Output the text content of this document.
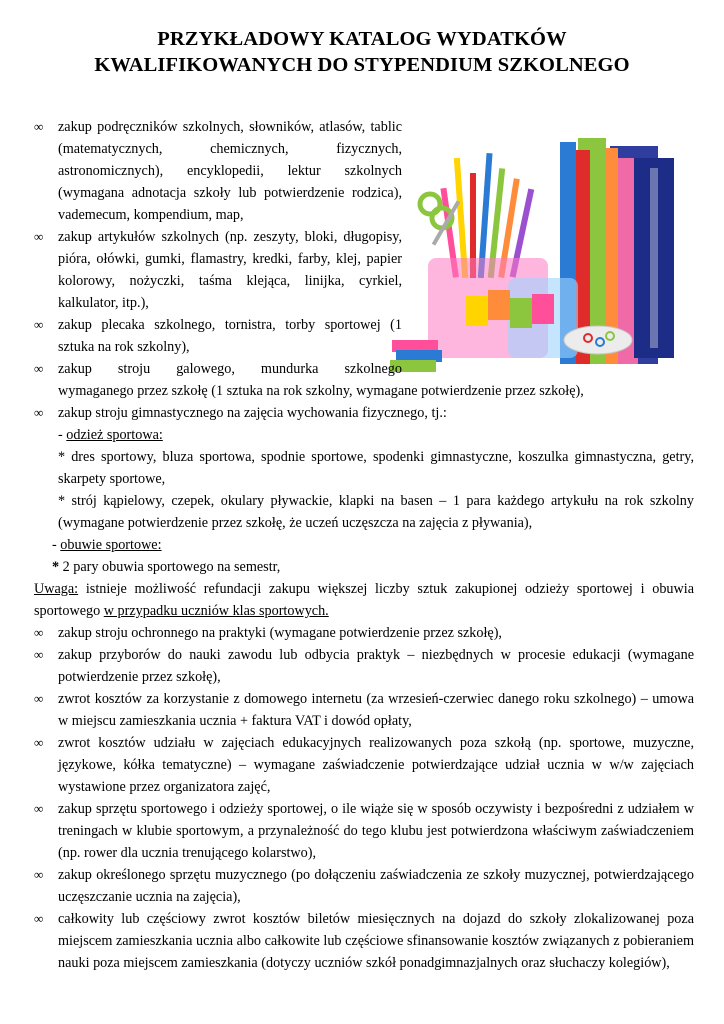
PRZYKŁADOWY KATALOG WYDATKÓW
KWALIFIKOWANYCH DO STYPENDIUM SZKOLNEGO
∞ zakup podręczników szkolnych, słowników, atlasów, tablic (matematycznych, chemicznych, fizycznych, astronomicznych), encyklopedii, lektur szkolnych (wymagana adnotacja szkoły lub potwierdzenie rodzica), vademecum, kompendium, map,
∞ zakup artykułów szkolnych (np. zeszyty, bloki, długopisy, pióra, ołówki, gumki, flamastry, kredki, farby, klej, papier kolorowy, nożyczki, taśma klejąca, linijka, cyrkiel, kalkulator, itp.),
∞ zakup plecaka szkolnego, tornistra, torby sportowej (1 sztuka na rok szkolny),
∞ zakup stroju galowego, mundurka szkolnego
wymaganego przez szkołę (1 sztuka na rok szkolny, wymagane potwierdzenie przez szkołę),
∞ zakup stroju gimnastycznego na zajęcia wychowania fizycznego, tj.:
- odzież sportowa:
* dres sportowy, bluza sportowa, spodnie sportowe, spodenki gimnastyczne, koszulka gimnastyczna, getry, skarpety sportowe,
* strój kąpielowy, czepek, okulary pływackie, klapki na basen – 1 para każdego artykułu na rok szkolny (wymagane potwierdzenie przez szkołę, że uczeń uczęszcza na zajęcia z pływania),
- obuwie sportowe:
* 2 pary obuwia sportowego na semestr,
Uwaga: istnieje możliwość refundacji zakupu większej liczby sztuk zakupionej odzieży sportowej i obuwia sportowego w przypadku uczniów klas sportowych.
∞ zakup stroju ochronnego na praktyki (wymagane potwierdzenie przez szkołę),
∞ zakup przyborów do nauki zawodu lub odbycia praktyk – niezbędnych w procesie edukacji (wymagane potwierdzenie przez szkołę),
∞ zwrot kosztów za korzystanie z domowego internetu (za wrzesień-czerwiec danego roku szkolnego) – umowa w miejscu zamieszkania ucznia + faktura VAT i dowód opłaty,
∞ zwrot kosztów udziału w zajęciach edukacyjnych realizowanych poza szkołą (np. sportowe, muzyczne, językowe, kółka tematyczne) – wymagane zaświadczenie potwierdzające udział ucznia w w/w zajęciach wystawione przez organizatora zajęć,
∞ zakup sprzętu sportowego i odzieży sportowej, o ile wiąże się w sposób oczywisty i bezpośredni z udziałem w treningach w klubie sportowym, a przynależność do tego klubu jest potwierdzona właściwym zaświadczeniem (np. rower dla ucznia trenującego kolarstwo),
∞ zakup określonego sprzętu muzycznego (po dołączeniu zaświadczenia ze szkoły muzycznej, potwierdzającego uczęszczanie ucznia na zajęcia),
∞ całkowity lub częściowy zwrot kosztów biletów miesięcznych na dojazd do szkoły zlokalizowanej poza miejscem zamieszkania ucznia albo całkowite lub częściowe sfinansowanie kosztów związanych z pobieraniem nauki poza miejscem zamieszkania (dotyczy uczniów szkół ponadgimnazjalnych oraz słuchaczy kolegiów),
